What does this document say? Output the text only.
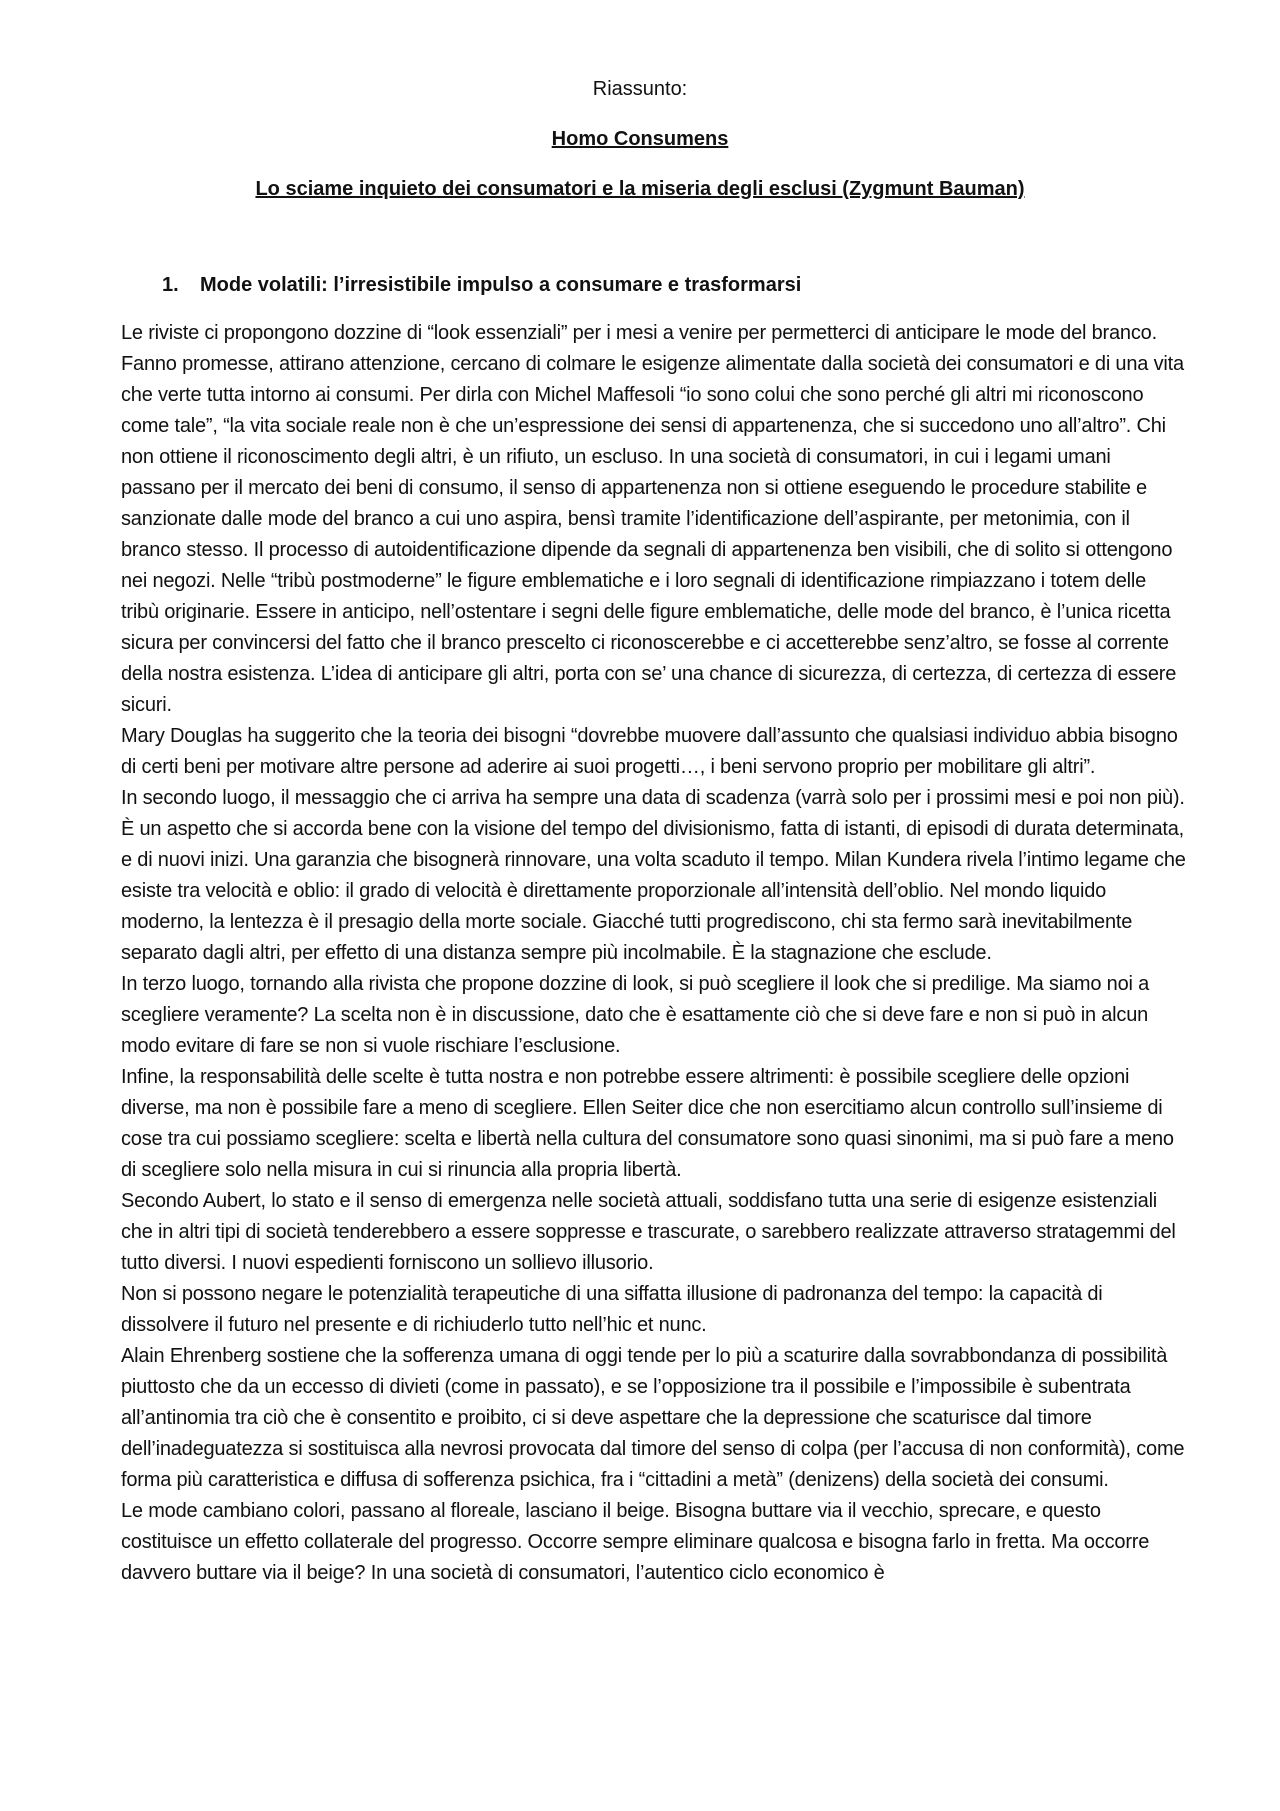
Riassunto:
Homo Consumens
Lo sciame inquieto dei consumatori e la miseria degli esclusi (Zygmunt Bauman)
1. Mode volatili: l’irresistibile impulso a consumare e trasformarsi

Le riviste ci propongono dozzine di “look essenziali” per i mesi a venire per permetterci di anticipare le mode del branco. Fanno promesse, attirano attenzione, cercano di colmare le esigenze alimentate dalla società dei consumatori e di una vita che verte tutta intorno ai consumi. Per dirla con Michel Maffesoli “io sono colui che sono perché gli altri mi riconoscono come tale”, “la vita sociale reale non è che un’espressione dei sensi di appartenenza, che si succedono uno all’altro”. Chi non ottiene il riconoscimento degli altri, è un rifiuto, un escluso. In una società di consumatori, in cui i legami umani passano per il mercato dei beni di consumo, il senso di appartenenza non si ottiene eseguendo le procedure stabilite e sanzionate dalle mode del branco a cui uno aspira, bensì tramite l’identificazione dell’aspirante, per metonimia, con il branco stesso. Il processo di autoidentificazione dipende da segnali di appartenenza ben visibili, che di solito si ottengono nei negozi. Nelle “tribù postmoderne” le figure emblematiche e i loro segnali di identificazione rimpiazzano i totem delle tribù originarie. Essere in anticipo, nell’ostentare i segni delle figure emblematiche, delle mode del branco, è l’unica ricetta sicura per convincersi del fatto che il branco prescelto ci riconoscerebbe e ci accetterebbe senz’altro, se fosse al corrente della nostra esistenza. L’idea di anticipare gli altri, porta con se’ una chance di sicurezza, di certezza, di certezza di essere sicuri.

Mary Douglas ha suggerito che la teoria dei bisogni “dovrebbe muovere dall’assunto che qualsiasi individuo abbia bisogno di certi beni per motivare altre persone ad aderire ai suoi progetti…, i beni servono proprio per mobilitare gli altri”.

In secondo luogo, il messaggio che ci arriva ha sempre una data di scadenza (varrà solo per i prossimi mesi e poi non più). È un aspetto che si accorda bene con la visione del tempo del divisionismo, fatta di istanti, di episodi di durata determinata, e di nuovi inizi. Una garanzia che bisognerà rinnovare, una volta scaduto il tempo. Milan Kundera rivela l’intimo legame che esiste tra velocità e oblio: il grado di velocità è direttamente proporzionale all’intensità dell’oblio. Nel mondo liquido moderno, la lentezza è il presagio della morte sociale. Giacché tutti progrediscono, chi sta fermo sarà inevitabilmente separato dagli altri, per effetto di una distanza sempre più incolmabile. È la stagnazione che esclude.

In terzo luogo, tornando alla rivista che propone dozzine di look, si può scegliere il look che si predilige. Ma siamo noi a scegliere veramente? La scelta non è in discussione, dato che è esattamente ciò che si deve fare e non si può in alcun modo evitare di fare se non si vuole rischiare l’esclusione.

Infine, la responsabilità delle scelte è tutta nostra e non potrebbe essere altrimenti: è possibile scegliere delle opzioni diverse, ma non è possibile fare a meno di scegliere. Ellen Seiter dice che non esercitiamo alcun controllo sull’insieme di cose tra cui possiamo scegliere: scelta e libertà nella cultura del consumatore sono quasi sinonimi, ma si può fare a meno di scegliere solo nella misura in cui si rinuncia alla propria libertà.

Secondo Aubert, lo stato e il senso di emergenza nelle società attuali, soddisfano tutta una serie di esigenze esistenziali che in altri tipi di società tenderebbero a essere soppresse e trascurate, o sarebbero realizzate attraverso stratagemmi del tutto diversi. I nuovi espedienti forniscono un sollievo illusorio.

Non si possono negare le potenzialità terapeutiche di una siffatta illusione di padronanza del tempo: la capacità di dissolvere il futuro nel presente e di richiuderlo tutto nell’hic et nunc.

Alain Ehrenberg sostiene che la sofferenza umana di oggi tende per lo più a scaturire dalla sovrabbondanza di possibilità piuttosto che da un eccesso di divieti (come in passato), e se l’opposizione tra il possibile e l’impossibile è subentrata all’antinomia tra ciò che è consentito e proibito, ci si deve aspettare che la depressione che scaturisce dal timore dell’inadeguatezza si sostituisca alla nevrosi provocata dal timore del senso di colpa (per l’accusa di non conformità), come forma più caratteristica e diffusa di sofferenza psichica, fra i “cittadini a metà” (denizens) della società dei consumi.

Le mode cambiano colori, passano al floreale, lasciano il beige. Bisogna buttare via il vecchio, sprecare, e questo costituisce un effetto collaterale del progresso. Occorre sempre eliminare qualcosa e bisogna farlo in fretta. Ma occorre davvero buttare via il beige? In una società di consumatori, l’autentico ciclo economico è
